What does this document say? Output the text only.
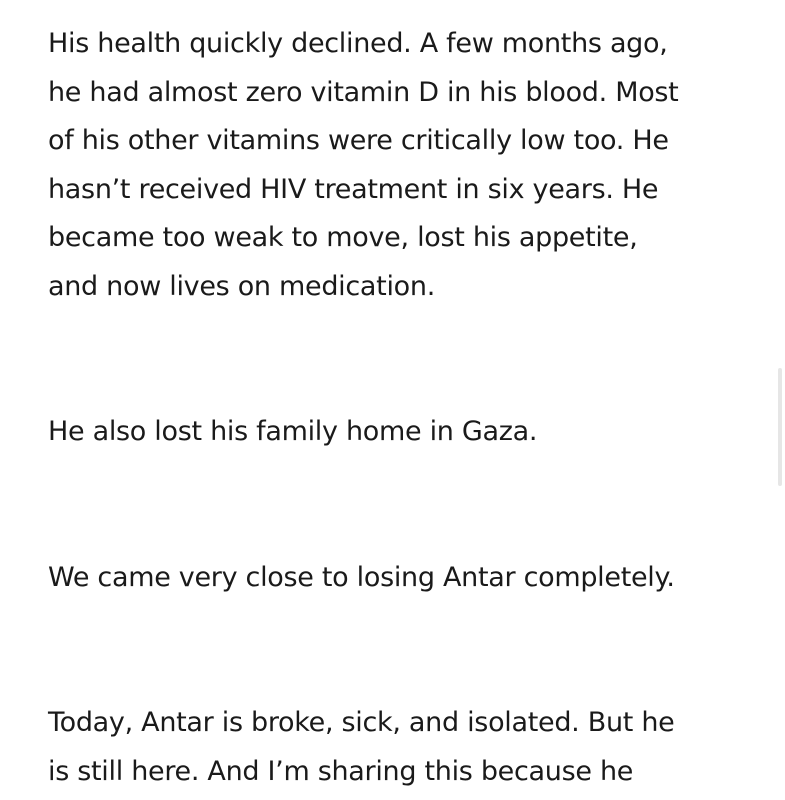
His health quickly declined. A few months ago,
he had almost zero vitamin D in his blood. Most
of his other vitamins were critically low too. He
hasn’t received HIV treatment in six years. He
became too weak to move, lost his appetite,
and now lives on medication.

He also lost his family home in Gaza.

We came very close to losing Antar completely.

Today, Antar is broke, sick, and isolated. But he
is still here. And I’m sharing this because he
